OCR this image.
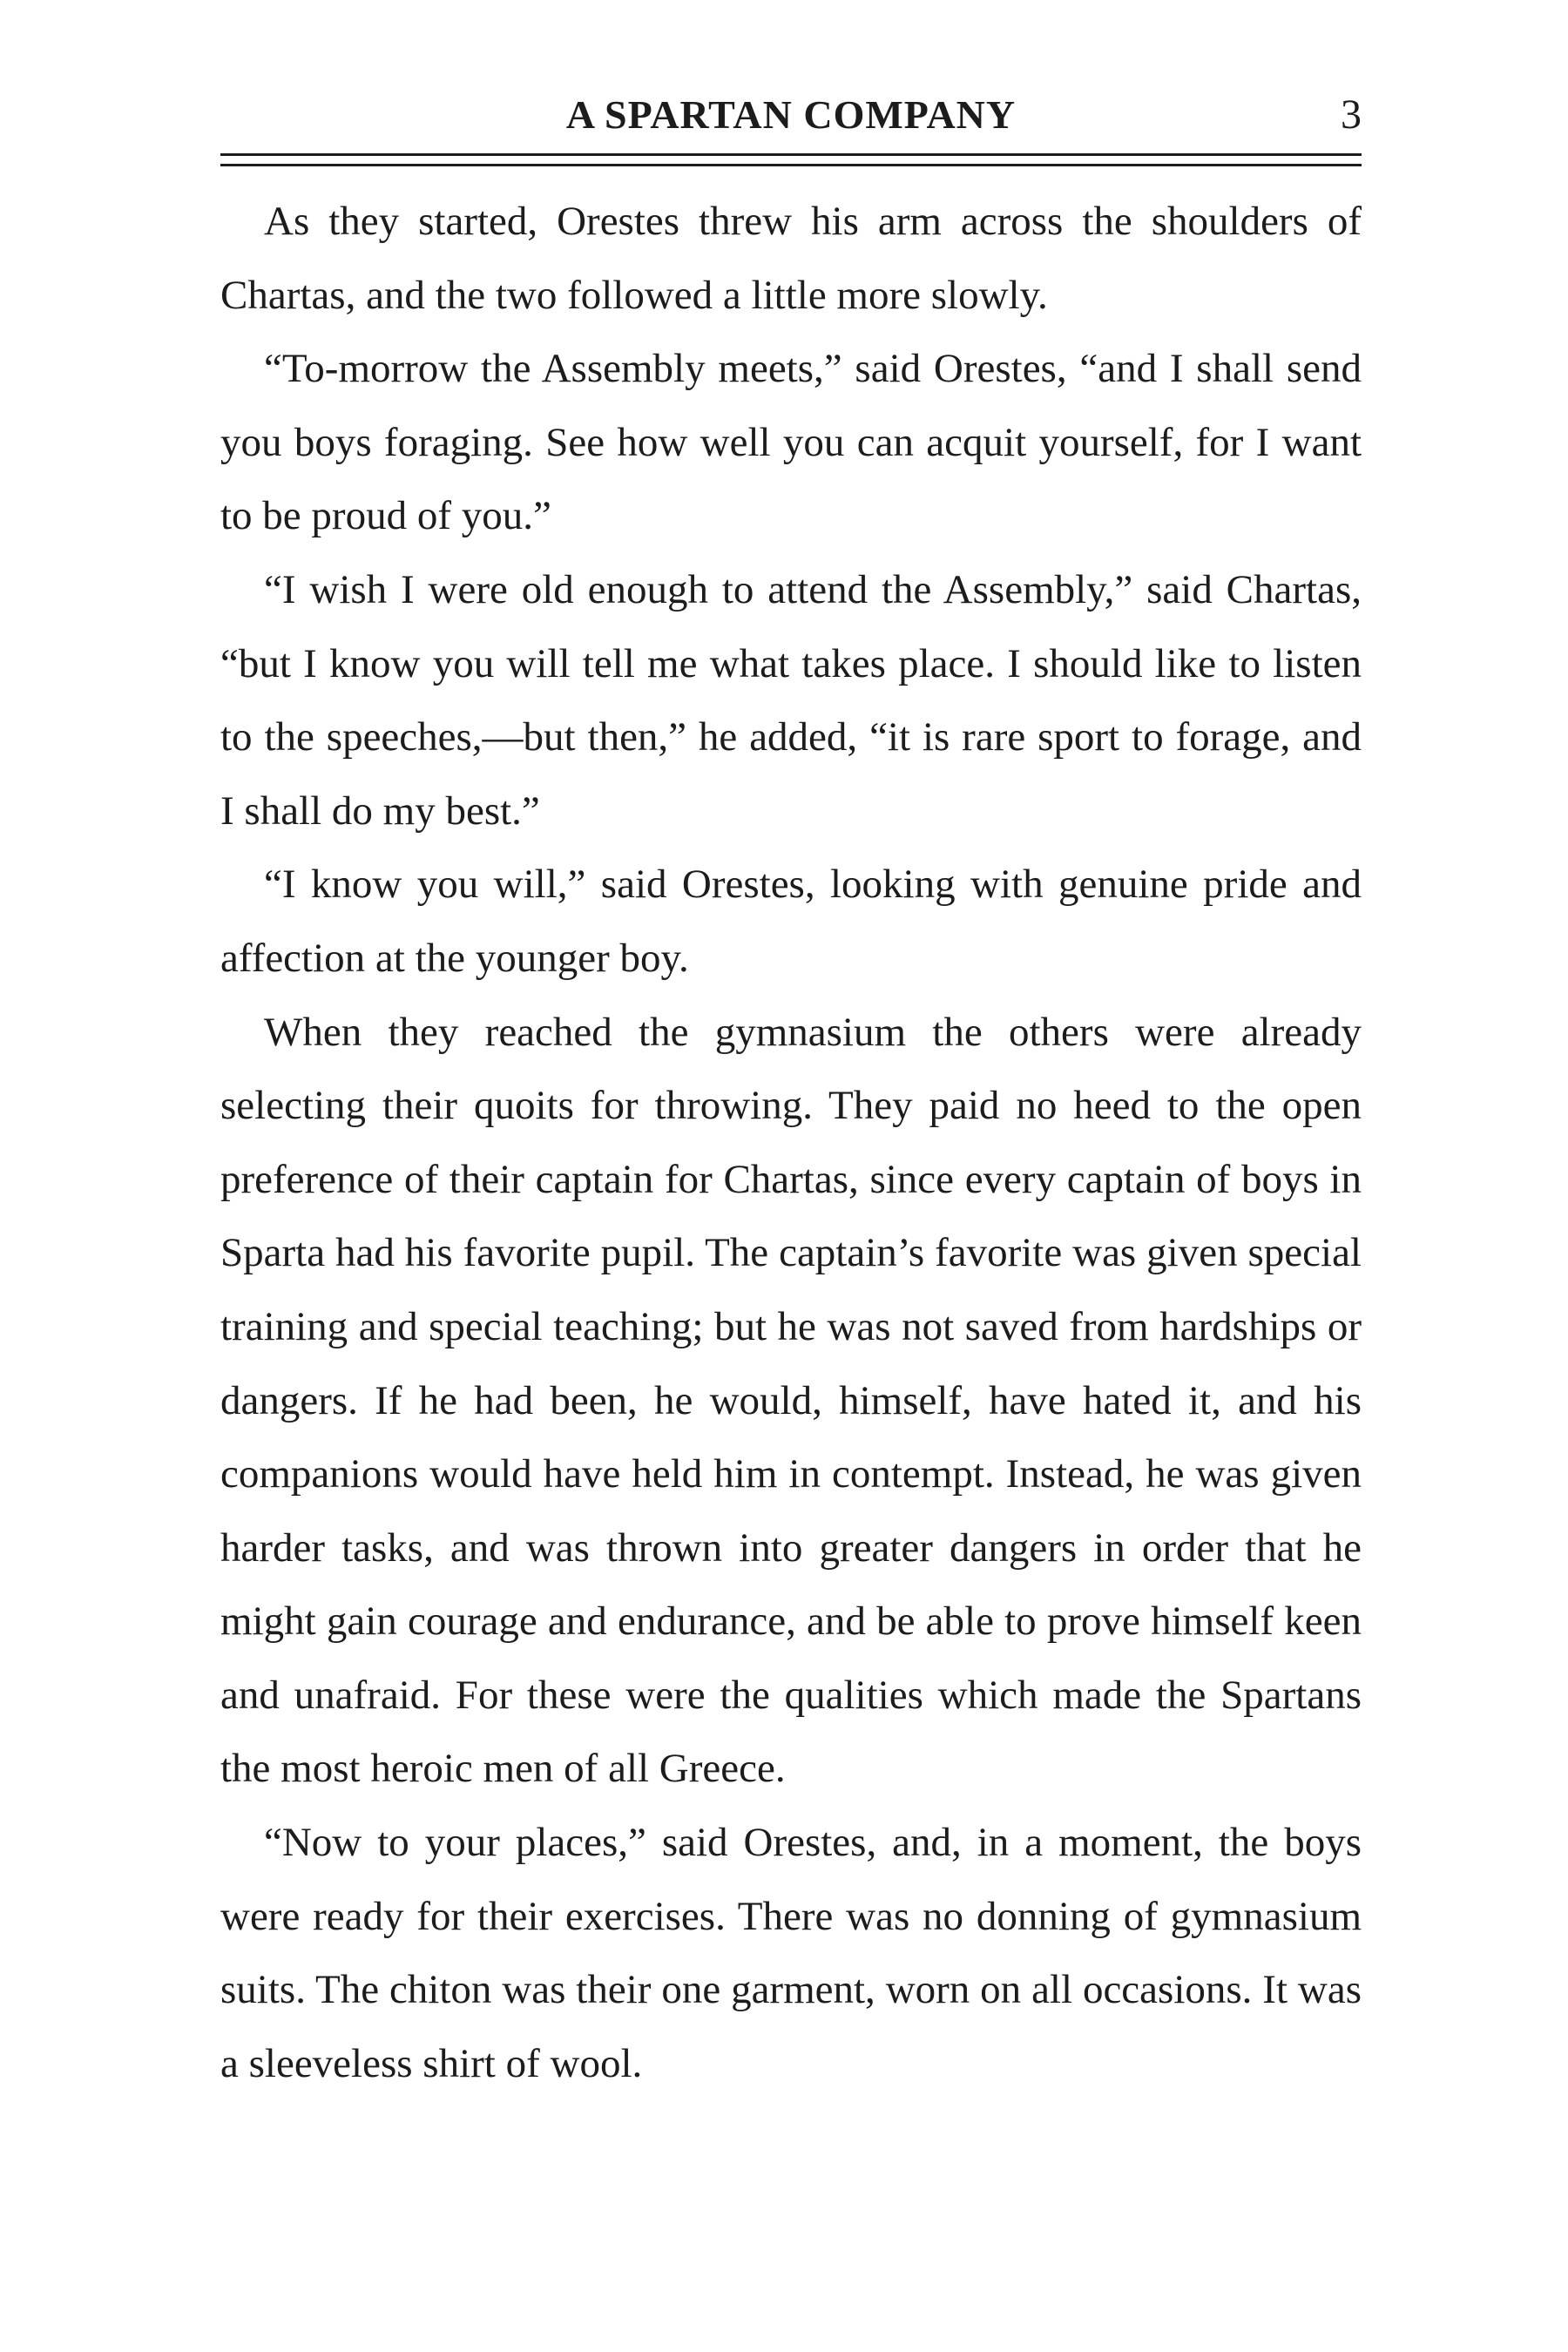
A SPARTAN COMPANY	3

As they started, Orestes threw his arm across the shoulders of Chartas, and the two followed a little more slowly.

“To-morrow the Assembly meets,” said Orestes, “and I shall send you boys foraging. See how well you can acquit yourself, for I want to be proud of you.”

“I wish I were old enough to attend the Assembly,” said Chartas, “but I know you will tell me what takes place. I should like to listen to the speeches,—but then,” he added, “it is rare sport to forage, and I shall do my best.”

“I know you will,” said Orestes, looking with genuine pride and affection at the younger boy.

When they reached the gymnasium the others were already selecting their quoits for throwing. They paid no heed to the open preference of their captain for Chartas, since every captain of boys in Sparta had his favorite pupil. The captain’s favorite was given special training and special teaching; but he was not saved from hardships or dangers. If he had been, he would, himself, have hated it, and his companions would have held him in contempt. Instead, he was given harder tasks, and was thrown into greater dangers in order that he might gain courage and endurance, and be able to prove himself keen and unafraid. For these were the qualities which made the Spartans the most heroic men of all Greece.

“Now to your places,” said Orestes, and, in a moment, the boys were ready for their exercises. There was no donning of gymnasium suits. The chiton was their one garment, worn on all occasions. It was a sleeveless shirt of wool.
